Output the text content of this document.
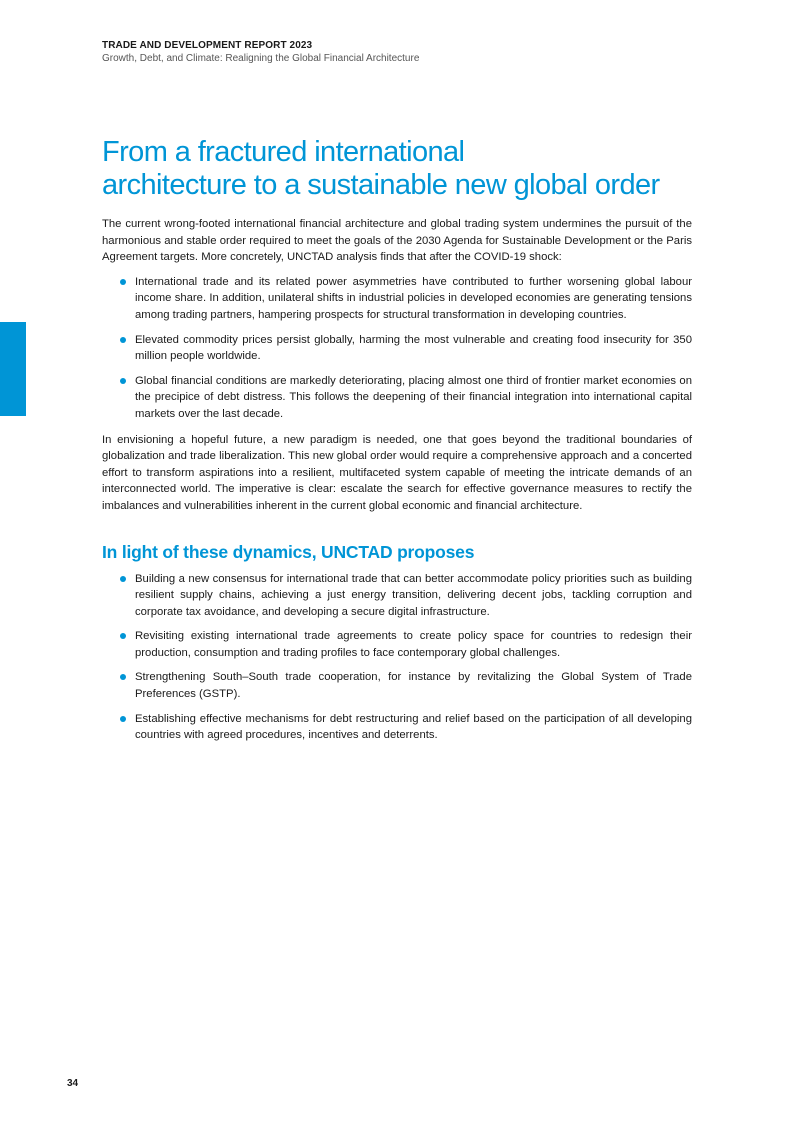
TRADE AND DEVELOPMENT REPORT 2023
Growth, Debt, and Climate: Realigning the Global Financial Architecture
From a fractured international
architecture to a sustainable new global order

The current wrong-footed international financial architecture and global trading system undermines the pursuit of the harmonious and stable order required to meet the goals of the 2030 Agenda for Sustainable Development or the Paris Agreement targets. More concretely, UNCTAD analysis finds that after the COVID-19 shock:

International trade and its related power asymmetries have contributed to further worsening global labour income share. In addition, unilateral shifts in industrial policies in developed economies are generating tensions among trading partners, hampering prospects for structural transformation in developing countries.
Elevated commodity prices persist globally, harming the most vulnerable and creating food insecurity for 350 million people worldwide.
Global financial conditions are markedly deteriorating, placing almost one third of frontier market economies on the precipice of debt distress. This follows the deepening of their financial integration into international capital markets over the last decade.

In envisioning a hopeful future, a new paradigm is needed, one that goes beyond the traditional boundaries of globalization and trade liberalization. This new global order would require a comprehensive approach and a concerted effort to transform aspirations into a resilient, multifaceted system capable of meeting the intricate demands of an interconnected world. The imperative is clear: escalate the search for effective governance measures to rectify the imbalances and vulnerabilities inherent in the current global economic and financial architecture.

In light of these dynamics, UNCTAD proposes
Building a new consensus for international trade that can better accommodate policy priorities such as building resilient supply chains, achieving a just energy transition, delivering decent jobs, tackling corruption and corporate tax avoidance, and developing a secure digital infrastructure.
Revisiting existing international trade agreements to create policy space for countries to redesign their production, consumption and trading profiles to face contemporary global challenges.
Strengthening South–South trade cooperation, for instance by revitalizing the Global System of Trade Preferences (GSTP).
Establishing effective mechanisms for debt restructuring and relief based on the participation of all developing countries with agreed procedures, incentives and deterrents.
34
